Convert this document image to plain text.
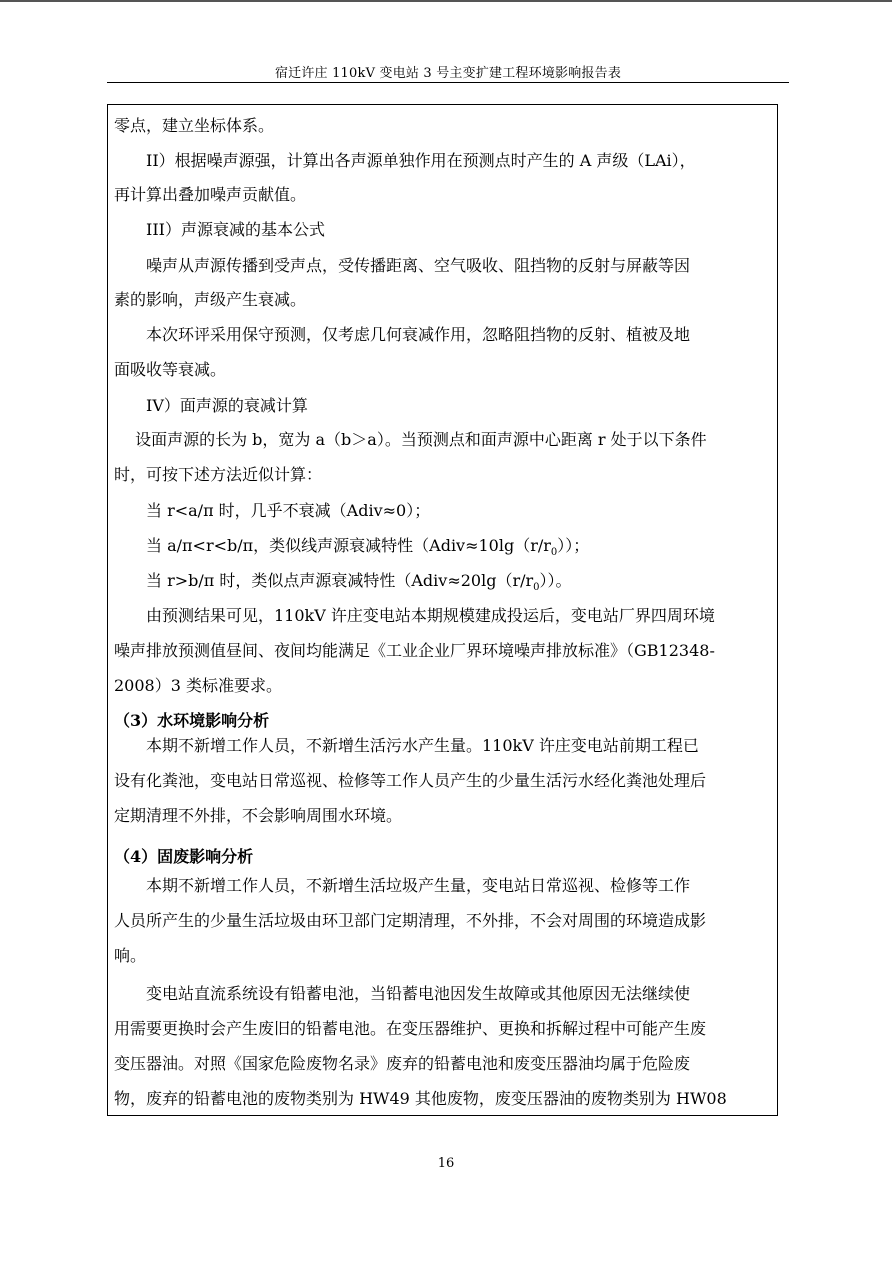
宿迁许庄 110kV 变电站 3 号主变扩建工程环境影响报告表
零点，建立坐标体系。
　　II）根据噪声源强，计算出各声源单独作用在预测点时产生的 A 声级（LAi），
再计算出叠加噪声贡献值。
　　III）声源衰减的基本公式
　　噪声从声源传播到受声点，受传播距离、空气吸收、阻挡物的反射与屏蔽等因
素的影响，声级产生衰减。
　　本次环评采用保守预测，仅考虑几何衰减作用，忽略阻挡物的反射、植被及地
面吸收等衰减。
　　IV）面声源的衰减计算
　 设面声源的长为 b，宽为 a（b＞a）。当预测点和面声源中心距离 r 处于以下条件
时，可按下述方法近似计算：
　　当 r<a/π 时，几乎不衰减（Adiv≈0）；
　　当 a/π<r<b/π，类似线声源衰减特性$(Adiv\approx 10\lg(r/r_0))$；
　　当 r>b/π 时，类似点声源衰减特性$(Adiv\approx 20\lg(r/r_0))$。
　　由预测结果可见，110kV 许庄变电站本期规模建成投运后，变电站厂界四周环境
噪声排放预测值昼间、夜间均能满足《工业企业厂界环境噪声排放标准》（GB12348-
2008）3 类标准要求。
（3）水环境影响分析
　　本期不新增工作人员，不新增生活污水产生量。110kV 许庄变电站前期工程已
设有化粪池，变电站日常巡视、检修等工作人员产生的少量生活污水经化粪池处理后
定期清理不外排，不会影响周围水环境。
（4）固废影响分析
　　本期不新增工作人员，不新增生活垃圾产生量，变电站日常巡视、检修等工作
人员所产生的少量生活垃圾由环卫部门定期清理，不外排，不会对周围的环境造成影
响。
　　变电站直流系统设有铅蓄电池，当铅蓄电池因发生故障或其他原因无法继续使
用需要更换时会产生废旧的铅蓄电池。在变压器维护、更换和拆解过程中可能产生废
变压器油。对照《国家危险废物名录》废弃的铅蓄电池和废变压器油均属于危险废
物，废弃的铅蓄电池的废物类别为 HW49 其他废物，废变压器油的废物类别为 HW08
16
